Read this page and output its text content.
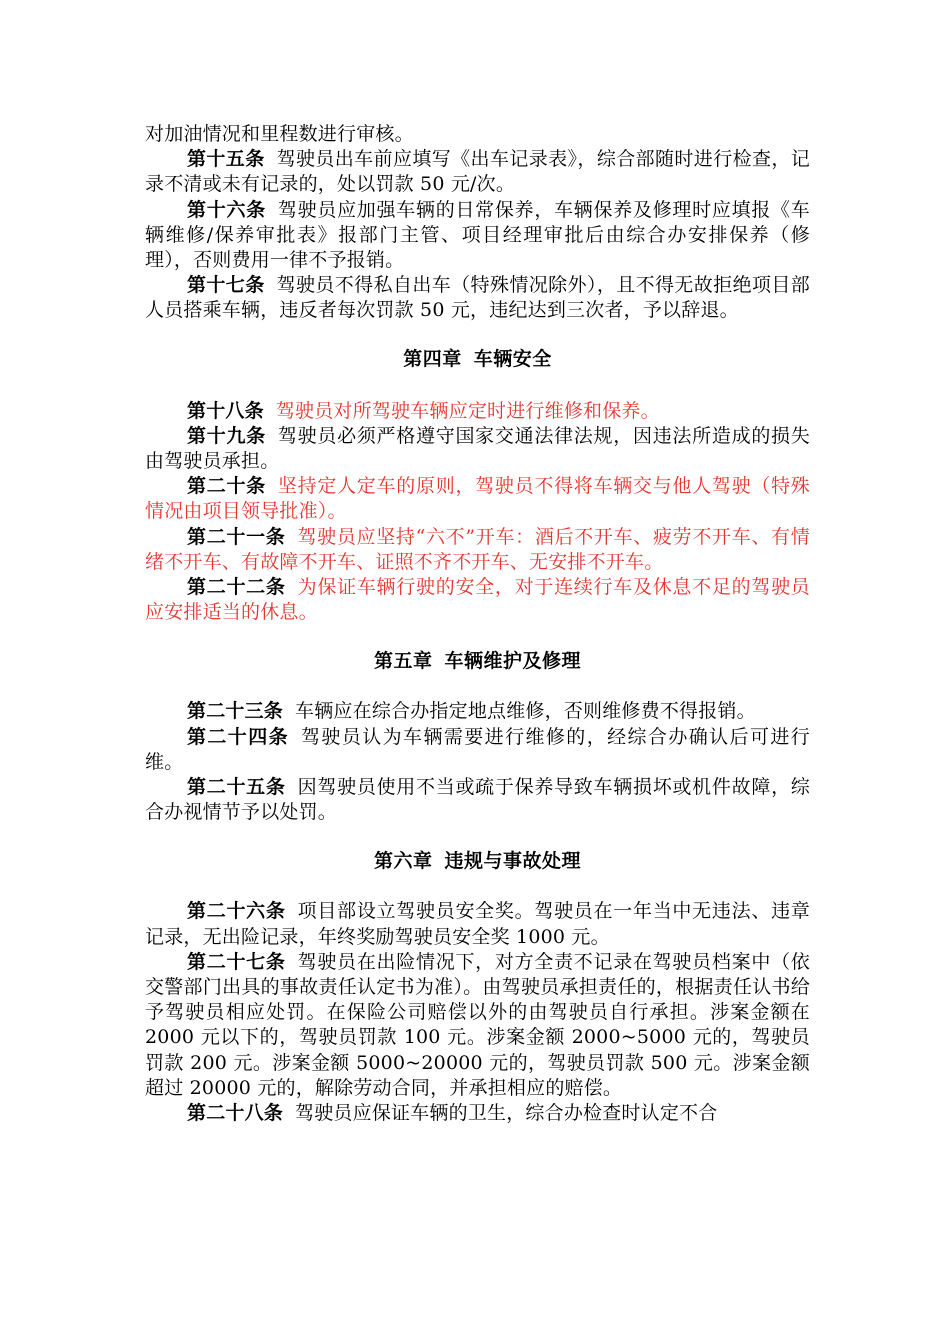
对加油情况和里程数进行审核。

第十五条 驾驶员出车前应填写《出车记录表》，综合部随时进行检查，记录不清或未有记录的，处以罚款 50 元/次。

第十六条 驾驶员应加强车辆的日常保养，车辆保养及修理时应填报《车辆维修/保养审批表》报部门主管、项目经理审批后由综合办安排保养（修理），否则费用一律不予报销。

第十七条 驾驶员不得私自出车（特殊情况除外），且不得无故拒绝项目部人员搭乘车辆，违反者每次罚款 50 元，违纪达到三次者，予以辞退。

第四章 车辆安全

第十八条 驾驶员对所驾驶车辆应定时进行维修和保养。

第十九条 驾驶员必须严格遵守国家交通法律法规，因违法所造成的损失由驾驶员承担。

第二十条 坚持定人定车的原则，驾驶员不得将车辆交与他人驾驶（特殊情况由项目领导批准）。

第二十一条 驾驶员应坚持“六不”开车：酒后不开车、疲劳不开车、有情绪不开车、有故障不开车、证照不齐不开车、无安排不开车。

第二十二条 为保证车辆行驶的安全，对于连续行车及休息不足的驾驶员应安排适当的休息。

第五章 车辆维护及修理

第二十三条 车辆应在综合办指定地点维修，否则维修费不得报销。

第二十四条 驾驶员认为车辆需要进行维修的，经综合办确认后可进行维。

第二十五条 因驾驶员使用不当或疏于保养导致车辆损坏或机件故障，综合办视情节予以处罚。

第六章 违规与事故处理

第二十六条 项目部设立驾驶员安全奖。驾驶员在一年当中无违法、违章记录，无出险记录，年终奖励驾驶员安全奖 1000 元。

第二十七条 驾驶员在出险情况下，对方全责不记录在驾驶员档案中（依交警部门出具的事故责任认定书为准）。由驾驶员承担责任的，根据责任认书给予驾驶员相应处罚。在保险公司赔偿以外的由驾驶员自行承担。涉案金额在 2000 元以下的，驾驶员罚款 100 元。涉案金额 2000~5000 元的，驾驶员罚款 200 元。涉案金额 5000~20000 元的，驾驶员罚款 500 元。涉案金额超过 20000 元的，解除劳动合同，并承担相应的赔偿。

第二十八条 驾驶员应保证车辆的卫生，综合办检查时认定不合
